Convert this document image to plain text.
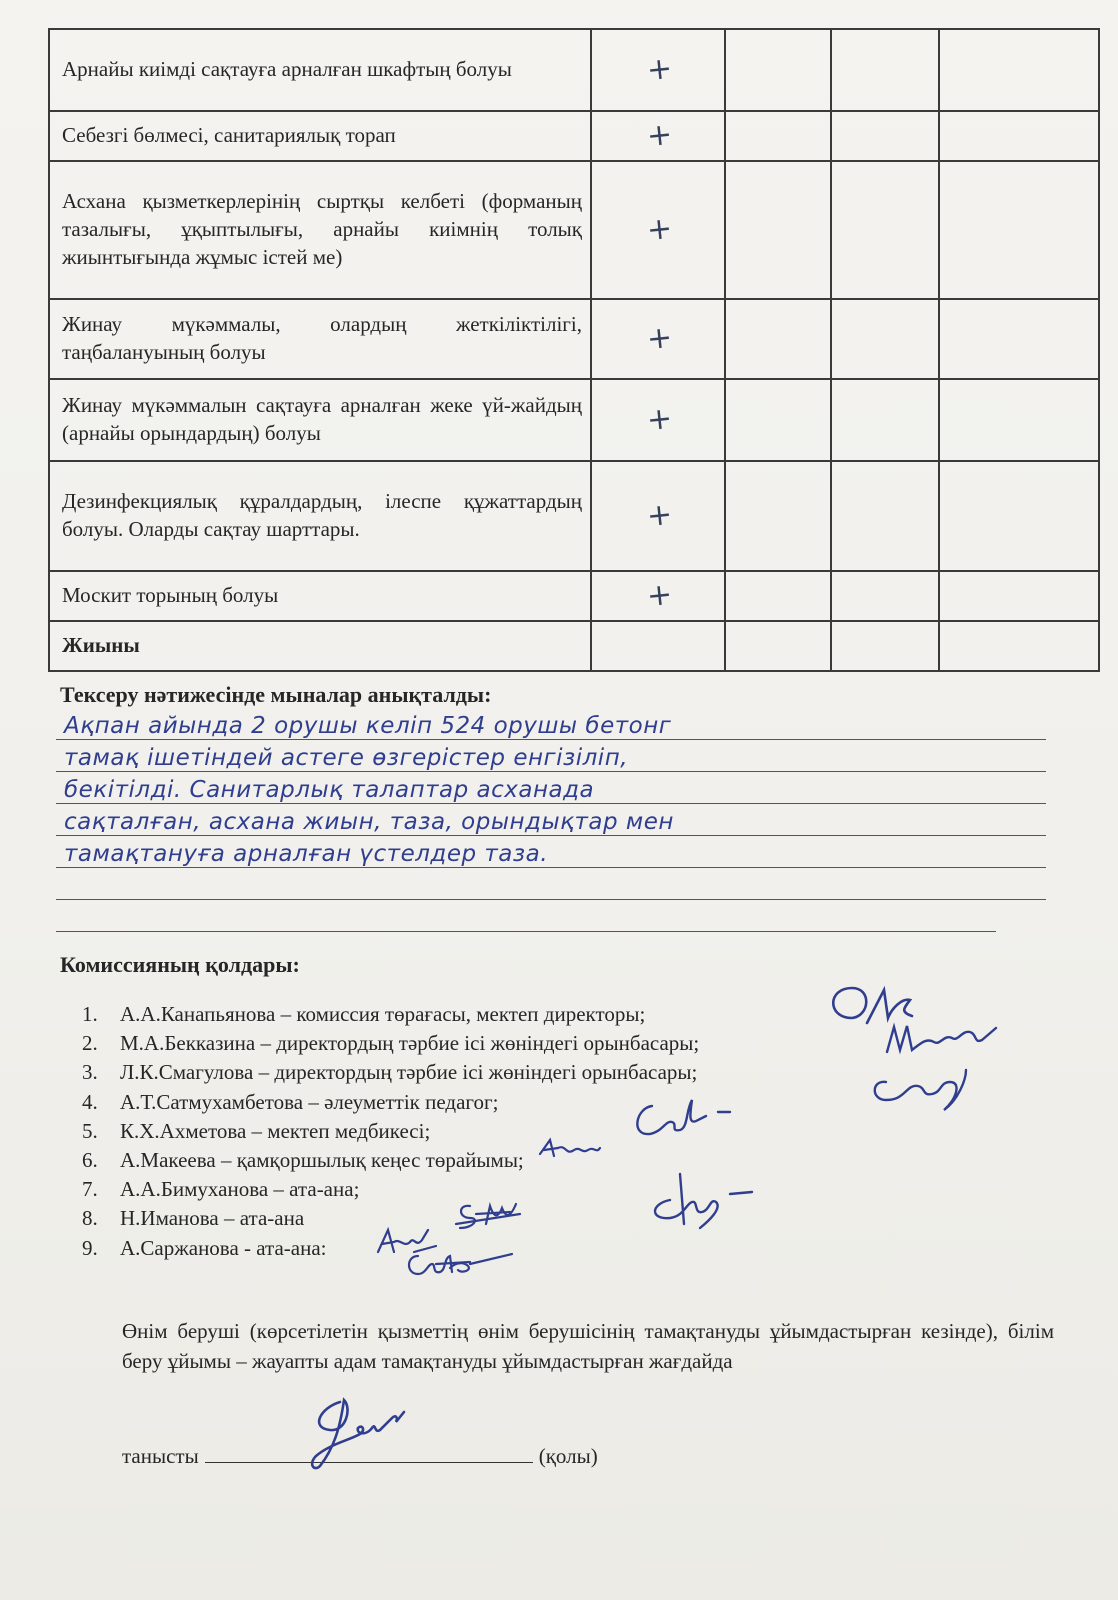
Арнайы киімді сақтауға арналған шкафтың болуы	+			
Себезгі бөлмесі, санитариялық торап	+			
Асхана қызметкерлерінің сыртқы келбеті (форманың тазалығы, ұқыптылығы, арнайы киімнің толық жиынтығында жұмыс істей ме)	+			
Жинау мүкәммалы, олардың жеткіліктілігі, таңбалануының болуы	+			
Жинау мүкәммалын сақтауға арналған жеке үй-жайдың (арнайы орындардың) болуы	+			
Дезинфекциялық құралдардың, ілеспе құжаттардың болуы. Оларды сақтау шарттары.	+			
Москит торының болуы	+			
Жиыны				
Тексеру нәтижесінде мыналар анықталды:
Ақпан айында 2 орушы келіп 524 орушы бетонг
тамақ ішетіндей астеге өзгерістер енгізіліп,
бекітілді. Санитарлық талаптар асханада
сақталған, асхана жиын, таза, орындықтар мен
тамақтануға арналған үстелдер таза.
Комиссияның қолдары:
1. А.А.Канапьянова – комиссия төрағасы, мектеп директоры;
2. М.А.Бекказина – директордың тәрбие ісі жөніндегі орынбасары;
3. Л.К.Смагулова – директордың тәрбие ісі жөніндегі орынбасары;
4. А.Т.Сатмухамбетова – әлеуметтік педагог;
5. К.Х.Ахметова – мектеп медбикесі;
6. А.Макеева – қамқоршылық кеңес төрайымы;
7. А.А.Бимуханова – ата-ана;
8. Н.Иманова – ата-ана
9. А.Саржанова - ата-ана:
Өнім беруші (көрсетілетін қызметтің өнім берушісінің тамақтануды ұйымдастырған кезінде), білім беру ұйымы – жауапты адам тамақтануды ұйымдастырған жағдайда
танысты	(қолы)
